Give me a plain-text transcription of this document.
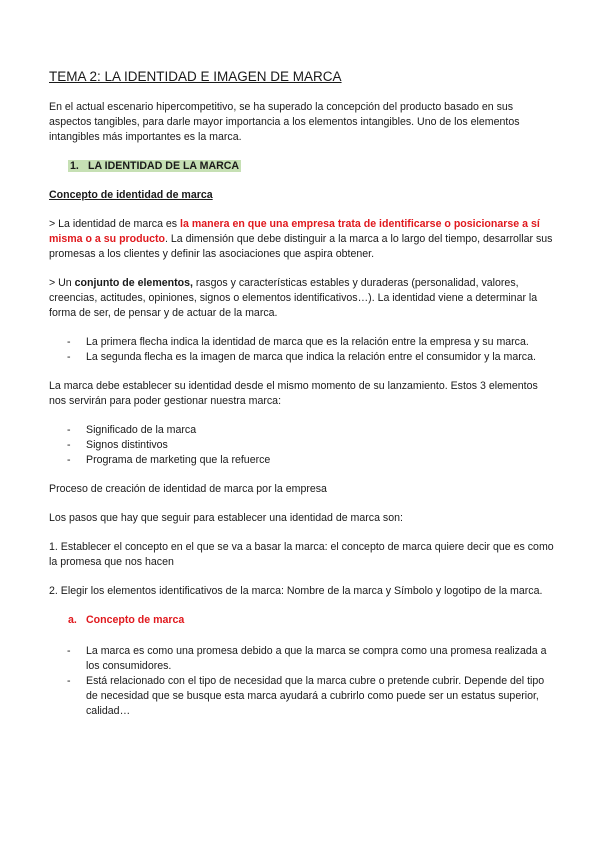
TEMA 2: LA IDENTIDAD E IMAGEN DE MARCA

En el actual escenario hipercompetitivo, se ha superado la concepción del producto basado en sus aspectos tangibles, para darle mayor importancia a los elementos intangibles. Uno de los elementos intangibles más importantes es la marca.

1. LA IDENTIDAD DE LA MARCA
Concepto de identidad de marca

> La identidad de marca es la manera en que una empresa trata de identificarse o posicionarse a sí misma o a su producto. La dimensión que debe distinguir a la marca a lo largo del tiempo, desarrollar sus promesas a los clientes y definir las asociaciones que aspira obtener.

> Un conjunto de elementos, rasgos y características estables y duraderas (personalidad, valores, creencias, actitudes, opiniones, signos o elementos identificativos…). La identidad viene a determinar la forma de ser, de pensar y de actuar de la marca.

- La primera flecha indica la identidad de marca que es la relación entre la empresa y su marca.
- La segunda flecha es la imagen de marca que indica la relación entre el consumidor y la marca.

La marca debe establecer su identidad desde el mismo momento de su lanzamiento. Estos 3 elementos nos servirán para poder gestionar nuestra marca:

- Significado de la marca
- Signos distintivos
- Programa de marketing que la refuerce

Proceso de creación de identidad de marca por la empresa

Los pasos que hay que seguir para establecer una identidad de marca son:

1. Establecer el concepto en el que se va a basar la marca: el concepto de marca quiere decir que es como la promesa que nos hacen

2. Elegir los elementos identificativos de la marca: Nombre de la marca y Símbolo y logotipo de la marca.

a. Concepto de marca
- La marca es como una promesa debido a que la marca se compra como una promesa realizada a los consumidores.
- Está relacionado con el tipo de necesidad que la marca cubre o pretende cubrir. Depende del tipo de necesidad que se busque esta marca ayudará a cubrirlo como puede ser un estatus superior, calidad…
